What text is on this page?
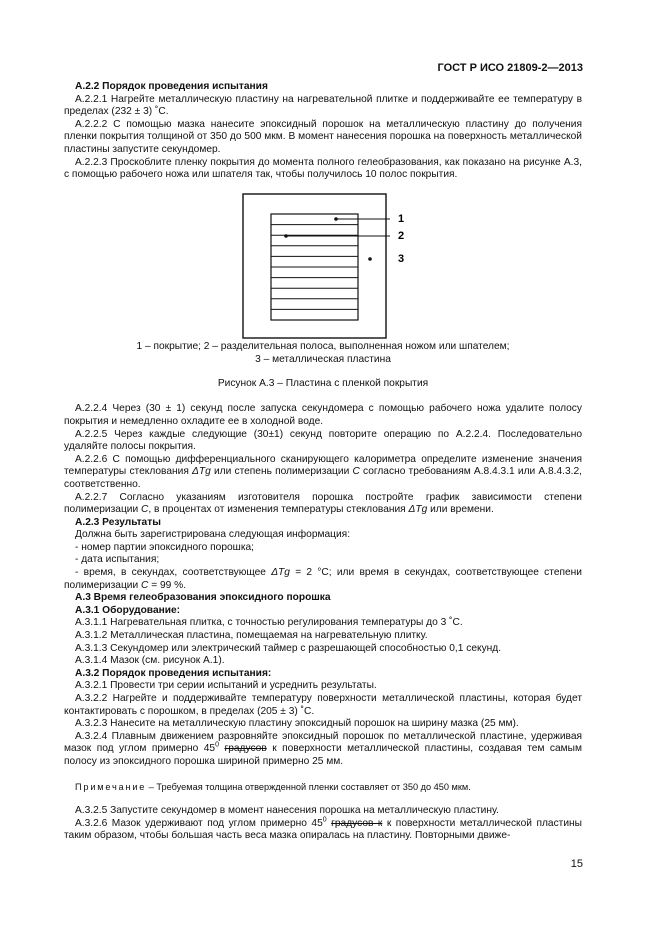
ГОСТ Р ИСО 21809-2—2013

А.2.2 Порядок проведения испытания

А.2.2.1 Нагрейте металлическую пластину на нагревательной плитке и поддерживайте ее температуру в пределах (232 ± 3) ˚С.

А.2.2.2 С помощью мазка нанесите эпоксидный порошок на металлическую пластину до получения пленки покрытия толщиной от 350 до 500 мкм. В момент нанесения порошка на поверхность металлической пластины запустите секундомер.

А.2.2.3 Проскоблите пленку покрытия до момента полного гелеобразования, как показано на рисунке А.3, с помощью рабочего ножа или шпателя так, чтобы получилось 10 полос покрытия.

1
2
3

1 – покрытие; 2 – разделительная полоса, выполненная ножом или шпателем;

3 – металлическая пластина

Рисунок А.3 – Пластина с пленкой покрытия

А.2.2.4 Через (30 ± 1) секунд после запуска секундомера с помощью рабочего ножа удалите полосу покрытия и немедленно охладите ее в холодной воде.

А.2.2.5 Через каждые следующие (30±1) секунд повторите операцию по А.2.2.4. Последовательно удаляйте полосы покрытия.

А.2.2.6 С помощью дифференциального сканирующего калориметра определите изменение значения температуры стеклования ΔTg или степень полимеризации С согласно требованиям А.8.4.3.1 или А.8.4.3.2, соответственно.

А.2.2.7 Согласно указаниям изготовителя порошка постройте график зависимости степени полимеризации С, в процентах от изменения температуры стеклования ΔTg или времени.

А.2.3 Результаты

Должна быть зарегистрирована следующая информация:

- номер партии эпоксидного порошка;

- дата испытания;

- время, в секундах, соответствующее ΔTg = 2 °С; или время в секундах, соответствующее степени полимеризации С = 99 %.

А.3 Время гелеобразования эпоксидного порошка

А.3.1 Оборудование:

А.3.1.1 Нагревательная плитка, с точностью регулирования температуры до 3 ˚С.

А.3.1.2 Металлическая пластина, помещаемая на нагревательную плитку.

А.3.1.3 Секундомер или электрический таймер с разрешающей способностью 0,1 секунд.

А.3.1.4 Мазок (см. рисунок А.1).

А.3.2 Порядок проведения испытания:

А.3.2.1 Провести три серии испытаний и усреднить результаты.

А.3.2.2 Нагрейте и поддерживайте температуру поверхности металлической пластины, которая будет контактировать с порошком, в пределах (205 ± 3) ˚С.

А.3.2.3 Нанесите на металлическую пластину эпоксидный порошок на ширину мазка (25 мм).

А.3.2.4 Плавным движением разровняйте эпоксидный порошок по металлической пластине, удерживая мазок под углом примерно $45^0$ градусов к поверхности металлической пластины, создавая тем самым полосу из эпоксидного порошка шириной примерно 25 мм.

Примечание – Требуемая толщина отвержденной пленки составляет от 350 до 450 мкм.

А.3.2.5 Запустите секундомер в момент нанесения порошка на металлическую пластину.

А.3.2.6 Мазок удерживают под углом примерно $45^0$ градусов к к поверхности металлической пластины таким образом, чтобы большая часть веса мазка опиралась на пластину. Повторными движе-

15
